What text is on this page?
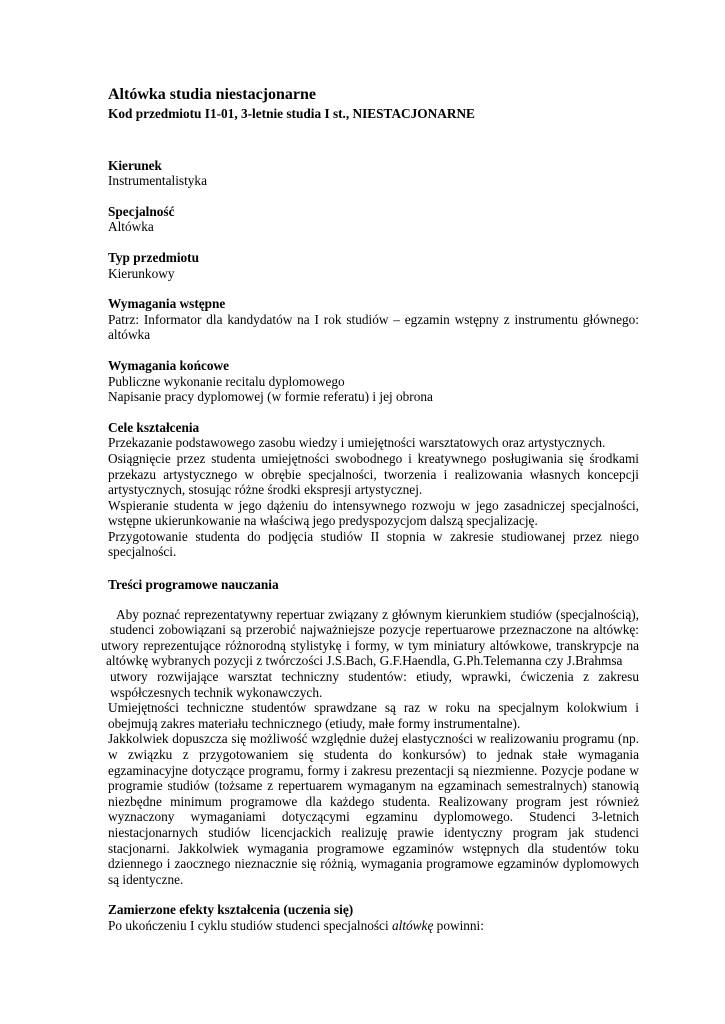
Altówka studia niestacjonarne

Kod przedmiotu I1-01, 3-letnie studia I st., NIESTACJONARNE

Kierunek
Instrumentalistyka
Specjalność
Altówka
Typ przedmiotu
Kierunkowy
Wymagania wstępne
Patrz: Informator dla kandydatów na I rok studiów – egzamin wstępny z instrumentu głównego:
altówka
Wymagania końcowe
Publiczne wykonanie recitalu dyplomowego
Napisanie pracy dyplomowej (w formie referatu) i jej obrona
Cele kształcenia

Przekazanie podstawowego zasobu wiedzy i umiejętności warsztatowych oraz artystycznych.

Osiągnięcie przez studenta umiejętności swobodnego i kreatywnego posługiwania się środkami przekazu artystycznego w obrębie specjalności, tworzenia i realizowania własnych koncepcji artystycznych, stosując różne środki ekspresji artystycznej.

Wspieranie studenta w jego dążeniu do intensywnego rozwoju w jego zasadniczej specjalności, wstępne ukierunkowanie na właściwą jego predyspozycjom dalszą specjalizację.

Przygotowanie studenta do podjęcia studiów II stopnia w zakresie studiowanej przez niego specjalności.

Treści programowe nauczania
Aby poznać reprezentatywny repertuar związany z głównym kierunkiem studiów (specjalnością),
studenci zobowiązani są przerobić najważniejsze pozycje repertuarowe przeznaczone na altówkę:
utwory reprezentujące różnorodną stylistykę i formy, w tym miniatury altówkowe, transkrypcje na
altówkę wybranych pozycji z twórczości J.S.Bach, G.F.Haendla, G.Ph.Telemanna czy J.Brahmsa
utwory rozwijające warsztat techniczny studentów: etiudy, wprawki, ćwiczenia z zakresu
współczesnych technik wykonawczych.

Umiejętności techniczne studentów sprawdzane są raz w roku na specjalnym kolokwium i obejmują zakres materiału technicznego (etiudy, małe formy instrumentalne).

Jakkolwiek dopuszcza się możliwość względnie dużej elastyczności w realizowaniu programu (np. w związku z przygotowaniem się studenta do konkursów) to jednak stałe wymagania egzaminacyjne dotyczące programu, formy i zakresu prezentacji są niezmienne. Pozycje podane w programie studiów (tożsame z repertuarem wymaganym na egzaminach semestralnych) stanowią niezbędne minimum programowe dla każdego studenta. Realizowany program jest również wyznaczony wymaganiami dotyczącymi egzaminu dyplomowego. Studenci 3-letnich niestacjonarnych studiów licencjackich realizuję prawie identyczny program jak studenci stacjonarni. Jakkolwiek wymagania programowe egzaminów wstępnych dla studentów toku dziennego i zaocznego nieznacznie się różnią, wymagania programowe egzaminów dyplomowych są identyczne.

Zamierzone efekty kształcenia (uczenia się)
Po ukończeniu I cyklu studiów studenci specjalności altówkę powinni:
